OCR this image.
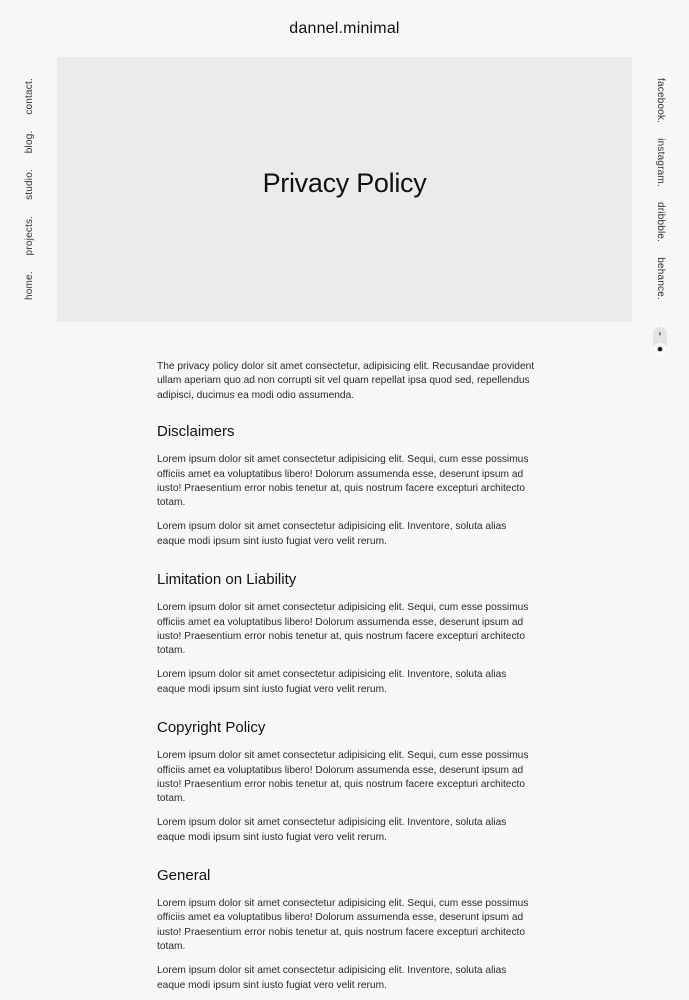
dannel.minimal
home.
projects.
studio.
blog.
contact.
Privacy Policy
facebook.
instagram.
dribbble.
behance.
◗
✹

The privacy policy dolor sit amet consectetur, adipisicing elit. Recusandae provident ullam aperiam quo ad non corrupti sit vel quam repellat ipsa quod sed, repellendus adipisci, ducimus ea modi odio assumenda.

Disclaimers

Lorem ipsum dolor sit amet consectetur adipisicing elit. Sequi, cum esse possimus officiis amet ea voluptatibus libero! Dolorum assumenda esse, deserunt ipsum ad iusto! Praesentium error nobis tenetur at, quis nostrum facere excepturi architecto totam.

Lorem ipsum dolor sit amet consectetur adipisicing elit. Inventore, soluta alias eaque modi ipsum sint iusto fugiat vero velit rerum.

Limitation on Liability

Lorem ipsum dolor sit amet consectetur adipisicing elit. Sequi, cum esse possimus officiis amet ea voluptatibus libero! Dolorum assumenda esse, deserunt ipsum ad iusto! Praesentium error nobis tenetur at, quis nostrum facere excepturi architecto totam.

Lorem ipsum dolor sit amet consectetur adipisicing elit. Inventore, soluta alias eaque modi ipsum sint iusto fugiat vero velit rerum.

Copyright Policy

Lorem ipsum dolor sit amet consectetur adipisicing elit. Sequi, cum esse possimus officiis amet ea voluptatibus libero! Dolorum assumenda esse, deserunt ipsum ad iusto! Praesentium error nobis tenetur at, quis nostrum facere excepturi architecto totam.

Lorem ipsum dolor sit amet consectetur adipisicing elit. Inventore, soluta alias eaque modi ipsum sint iusto fugiat vero velit rerum.

General

Lorem ipsum dolor sit amet consectetur adipisicing elit. Sequi, cum esse possimus officiis amet ea voluptatibus libero! Dolorum assumenda esse, deserunt ipsum ad iusto! Praesentium error nobis tenetur at, quis nostrum facere excepturi architecto totam.

Lorem ipsum dolor sit amet consectetur adipisicing elit. Inventore, soluta alias eaque modi ipsum sint iusto fugiat vero velit rerum.
